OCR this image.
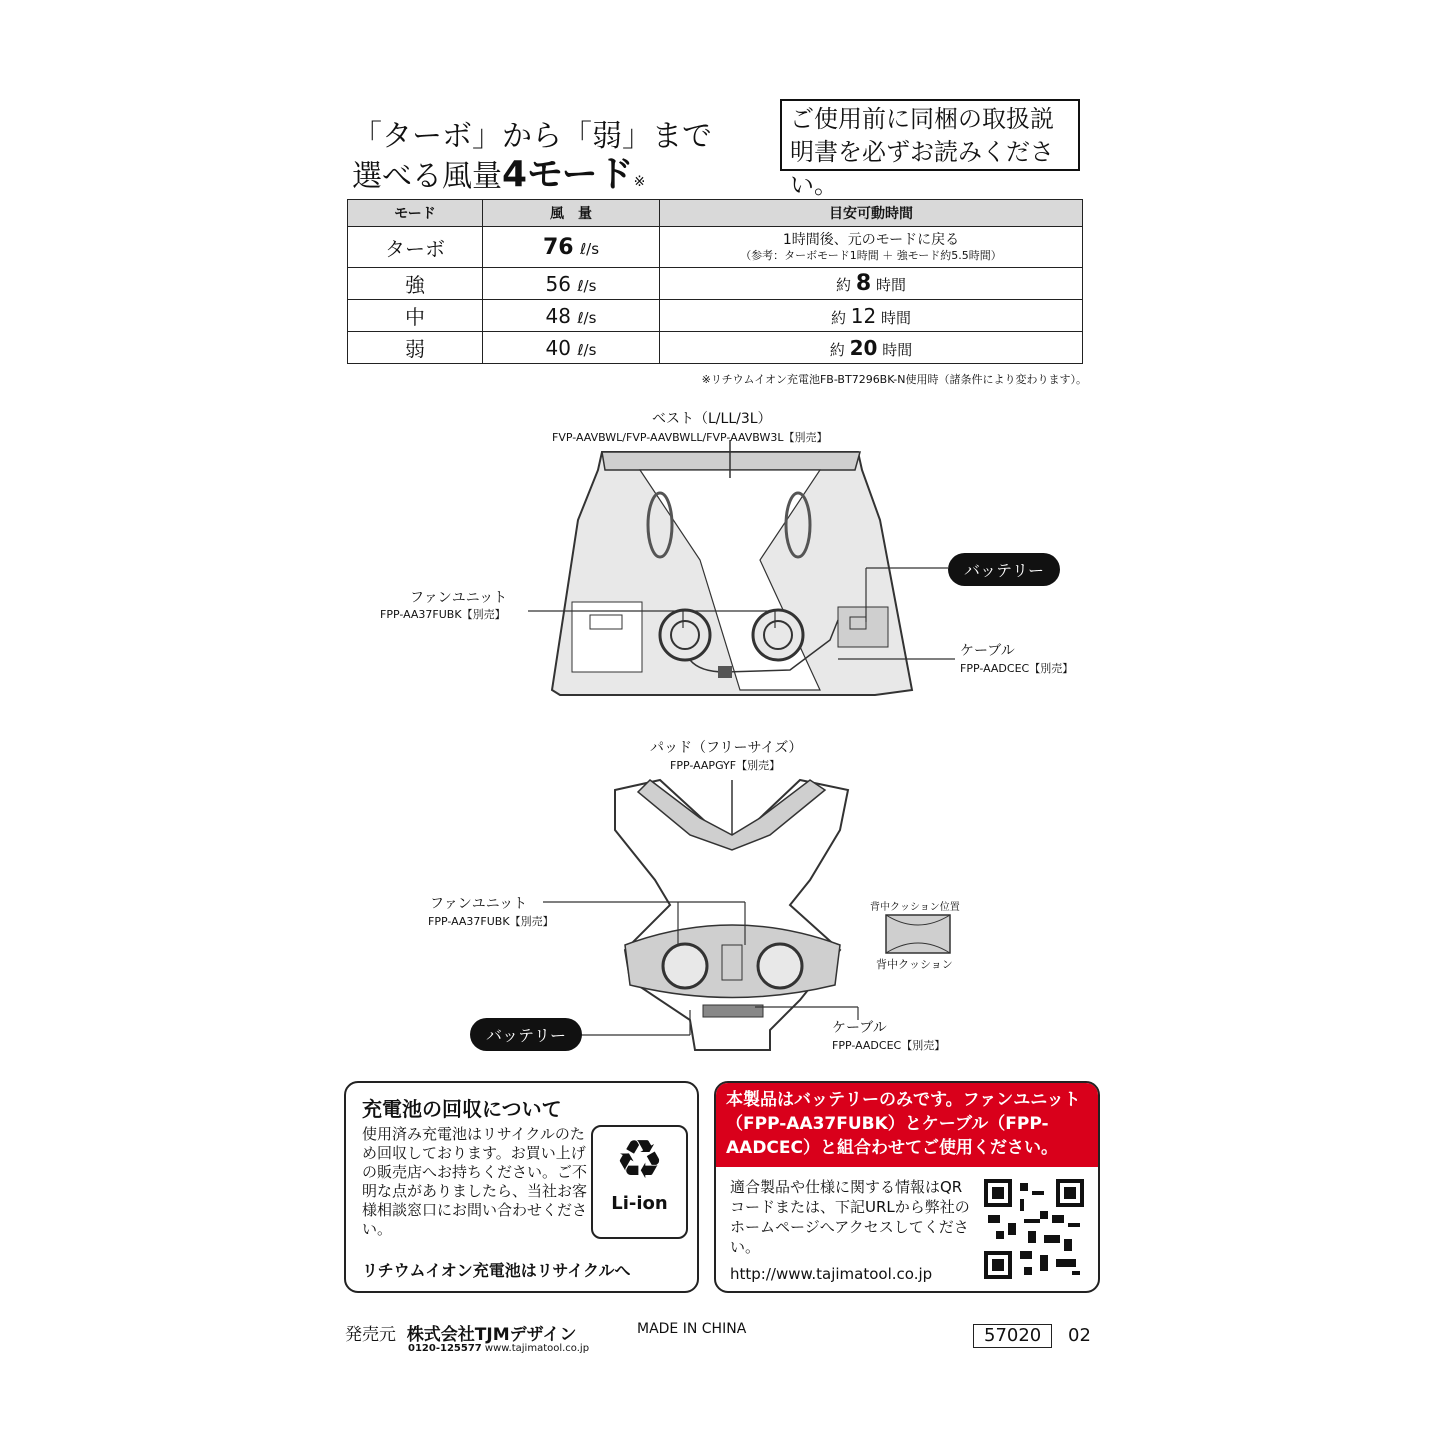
「ターボ」から「弱」まで
選べる風量4モード※
ご使用前に同梱の取扱説明書を必ずお読みください。
モード	風　量	目安可動時間
ターボ	76 ℓ/s	1時間後、元のモードに戻る
（参考：ターボモード1時間 ＋ 強モード約5.5時間）

強	56 ℓ/s	約 8 時間
中	48 ℓ/s	約 12 時間
弱	40 ℓ/s	約 20 時間
※リチウムイオン充電池FB-BT7296BK-N使用時（諸条件により変わります）。
ベスト（L/LL/3L）
FVP-AAVBWL/FVP-AAVBWLL/FVP-AAVBW3L【別売】
ファンユニット
FPP-AA37FUBK【別売】
バッテリー
ケーブル
FPP-AADCEC【別売】
パッド（フリーサイズ）
FPP-AAPGYF【別売】
ファンユニット
FPP-AA37FUBK【別売】
背中クッション位置
背中クッション
バッテリー	ケーブル
FPP-AADCEC【別売】
充電池の回収について
使用済み充電池はリサイクルのため回収しております。お買い上げの販売店へお持ちください。ご不明な点がありましたら、当社お客様相談窓口にお問い合わせください。
♻
Li-ion
リチウムイオン充電池はリサイクルへ
本製品はバッテリーのみです。ファンユニット（FPP-AA37FUBK）とケーブル（FPP-AADCEC）と組合わせてご使用ください。
適合製品や仕様に関する情報はQRコードまたは、下記URLから弊社のホームページへアクセスしてください。
http://www.tajimatool.co.jp
発売元 株式会社TJMデザイン	MADE IN CHINA
0120-125577 www.tajimatool.co.jp
57020	02
